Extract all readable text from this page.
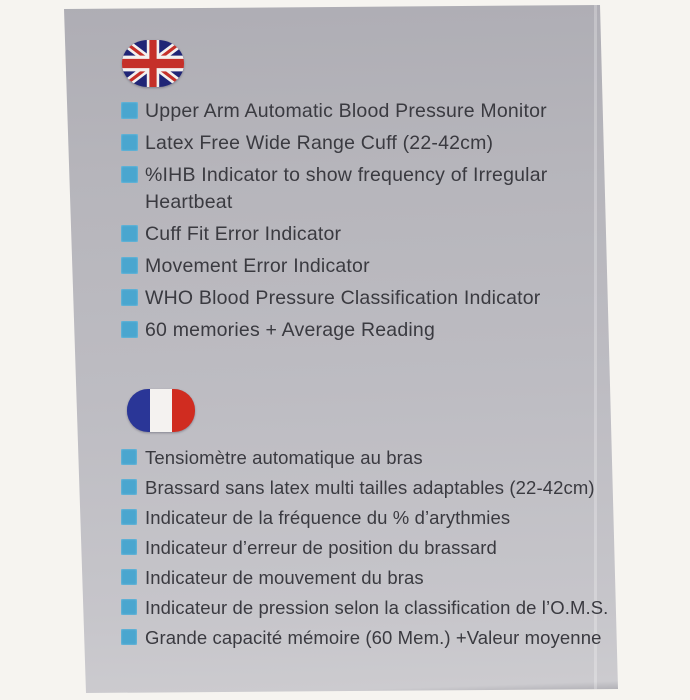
Upper Arm Automatic Blood Pressure Monitor
Latex Free Wide Range Cuff (22-42cm)
%IHB Indicator to show frequency of Irregular Heartbeat
Cuff Fit Error Indicator
Movement Error Indicator
WHO Blood Pressure Classification Indicator
60 memories + Average Reading
Tensiomètre automatique au bras
Brassard sans latex multi tailles adaptables (22-42cm)
Indicateur de la fréquence du % d’arythmies
Indicateur d’erreur de position du brassard
Indicateur de mouvement du bras
Indicateur de pression selon la classification de l’O.M.S.
Grande capacité mémoire (60 Mem.) +Valeur moyenne
